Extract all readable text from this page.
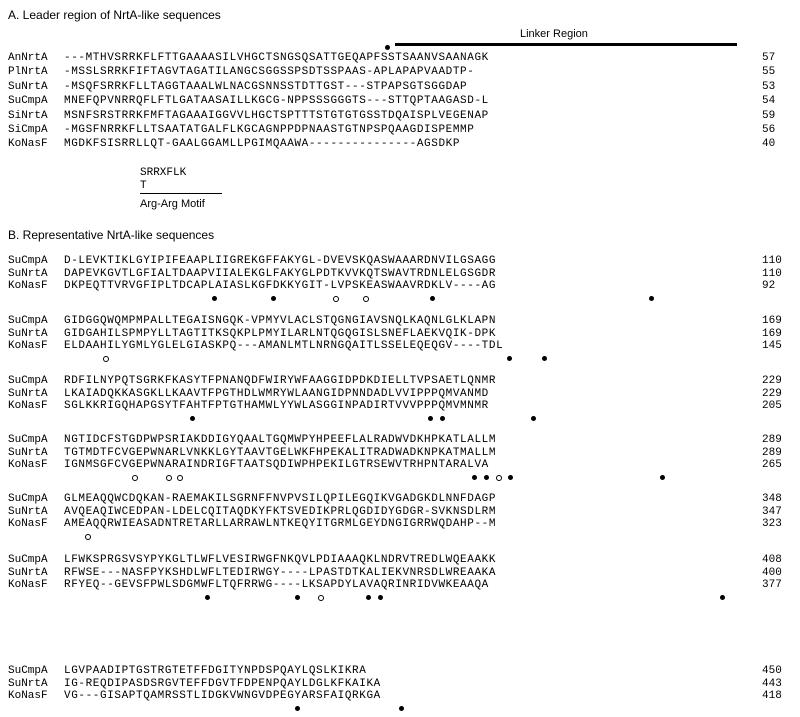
A. Leader region of NrtA-like sequences
Linker Region
AnNrtA	---MTHVSRRKFLFTTGAAAASILVHGCTSNGSQSATTGEQAPFSSTSAANVSAANAGK	57
PlNrtA	-MSSLSRRKFIFTAGVTAGATILANGCSGGSSPSDTSSPAAS-APLAPAPVAADTP-	55
SuNrtA	-MSQFSRRKFLLTAGGTAAALWLNACGSNNSSTDTTGST---STPAPSGTSGGDAP	53
SuCmpA	MNEFQPVNRRQFLFTLGATAASAILLKGCG-NPPSSSGGGTS---STTQPTAAGASD-L	54
SiNrtA	MSNFSRSTRRKFMFTAGAAAIGGVVLHGCTSPTTTSTGTGTGSSTDQAISPLVEGENAP	59
SiCmpA	-MGSFNRRKFLLTSAATATGALFLKGCAGNPPDPNAASTGTNPSPQAAGDISPEMMP	56
KoNasF	MGDKFSISRRLLQT-GAALGGAMLLPGIMQAAWA---------------AGSDKP	40
SRRXFLK
T
Arg-Arg Motif
B. Representative NrtA-like sequences
SuCmpA	D-LEVKTIKLGYIPIFEAAPLIIGREKGFFAKYGL-DVEVSKQASWAAARDNVILGSAGG	110
SuNrtA	DAPEVKGVTLGFIALTDAAPVIIALEKGLFAKYGLPDTKVVKQTSWAVTRDNLELGSGDR	110
KoNasF	DKPEQTTVRVGFIPLTDCAPLAIASLKGFDKKYGIT-LVPSKEASWAAVRDKLV----AG	92
SuCmpA	GIDGGQWQMPMPALLTEGAISNGQK-VPMYVLACLSTQGNGIAVSNQLKAQNLGLKLAPN	169
SuNrtA	GIDGAHILSPMPYLLTAGTITKSQKPLPMYILARLNTQGQGISLSNEFLAEKVQIK-DPK	169
KoNasF	ELDAAHILYGMLYGLELGIASKPQ---AMANLMTLNRNGQAITLSSELEQEQGV----TDL	145
SuCmpA	RDFILNYPQTSGRKFKASYTFPNANQDFWIRYWFAAGGIDPDKDIELLTVPSAETLQNMR	229
SuNrtA	LKAIADQKKASGKLLKAAVTFPGTHDLWMRYWLAANGIDPNNDADLVVIPPPQMVANMD	229
KoNasF	SGLKKRIGQHAPGSYTFAHTFPTGTHAMWLYYWLASGGINPADIRTVVVPPPQMVMNMR	205
SuCmpA	NGTIDCFSTGDPWPSRIAKDDIGYQAALTGQMWPYHPEEFLALRADWVDKHPKATLALLM	289
SuNrtA	TGTMDTFCVGEPWNARLVNKKLGYTAAVTGELWKFHPEKALITRADWADKNPKATMALLM	289
KoNasF	IGNMSGFCVGEPWNARAINDRIGFTAATSQDIWPHPEKILGTRSEWVTRHPNTARALVA	265
SuCmpA	GLMEAQQWCDQKAN-RAEMAKILSGRNFFNVPVSILQPILEGQIKVGADGKDLNNFDAGP	348
SuNrtA	AVQEAQIWCEDPAN-LDELCQITAQDKYFKTSVEDIKPRLQGDIDYGDGR-SVKNSDLRM	347
KoNasF	AMEAQQRWIEASADNTRETARLLARRAWLNTKEQYITGRMLGEYDNGIGRRWQDAHP--M	323
SuCmpA	LFWKSPRGSVSYPYKGLTLWFLVESIRWGFNKQVLPDIAAAQKLNDRVTREDLWQEAAKK	408
SuNrtA	RFWSE---NASFPYKSHDLWFLTEDIRWGY----LPASTDTKALIEKVNRSDLWREAAKA	400
KoNasF	RFYEQ--GEVSFPWLSDGMWFLTQFRRWG----LKSAPDYLAVAQRINRIDVWKEAAQA	377
SuCmpA	LGVPAADIPTGSTRGTETFFDGITYNPDSPQAYLQSLKIKRA	450
SuNrtA	IG-REQDIPASDSRGVTEFFDGVTFDPENPQAYLDGLKFKAIKA	443
KoNasF	VG---GISAPTQAMRSSTLIDGKVWNGVDPEGYARSFAIQRKGA	418
